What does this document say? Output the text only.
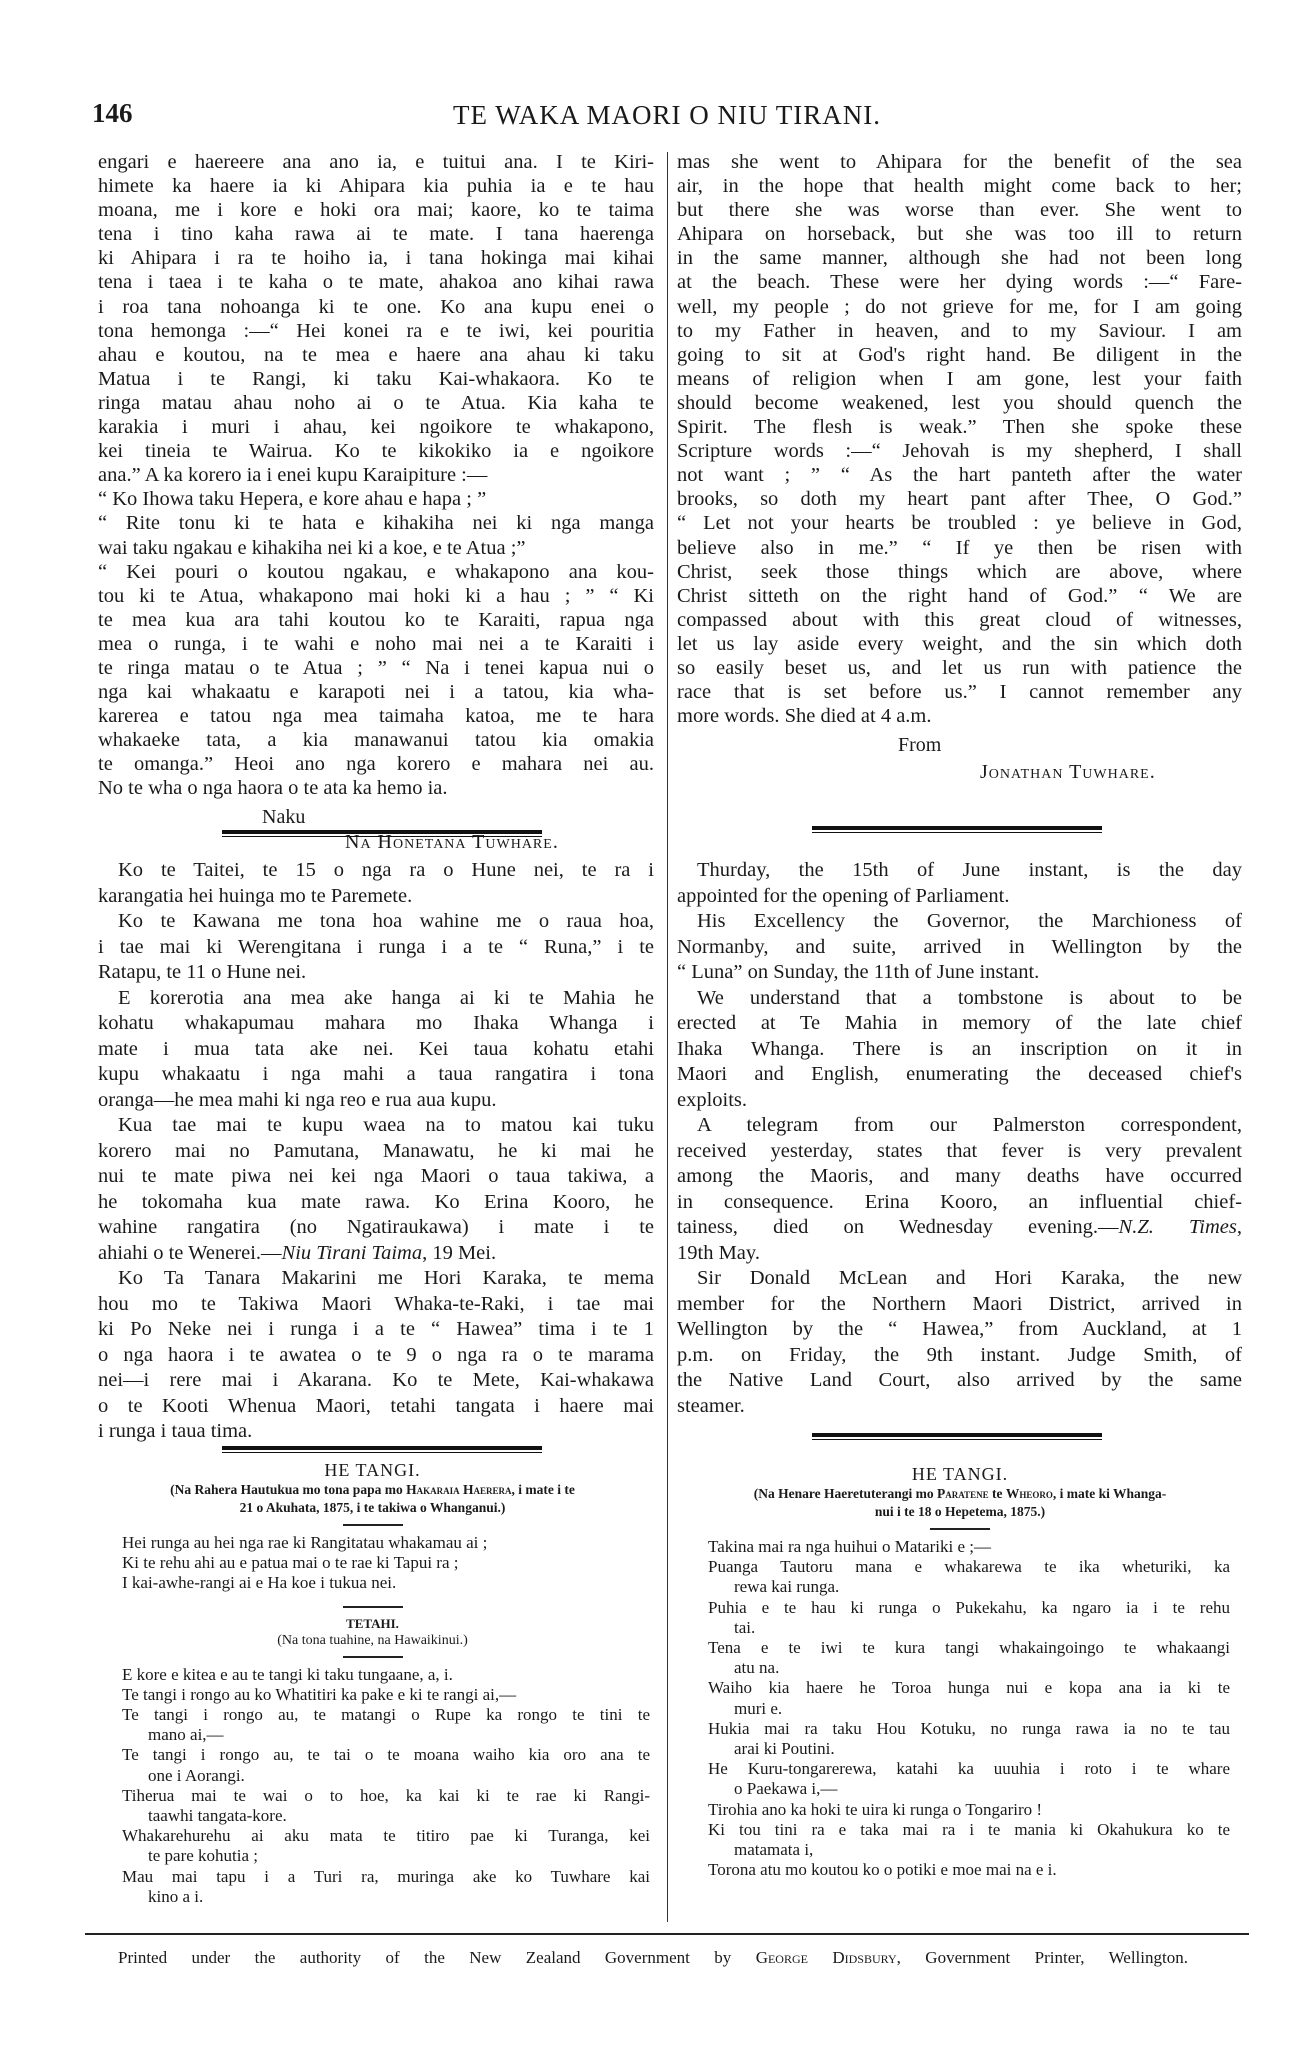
146	TE WAKA MAORI O NIU TIRANI.
engari e haereere ana ano ia, e tuitui ana. I te Kiri-
himete ka haere ia ki Ahipara kia puhia ia e te hau
moana, me i kore e hoki ora mai; kaore, ko te taima
tena i tino kaha rawa ai te mate. I tana haerenga
ki Ahipara i ra te hoiho ia, i tana hokinga mai kihai
tena i taea i te kaha o te mate, ahakoa ano kihai rawa
i roa tana nohoanga ki te one. Ko ana kupu enei o
tona hemonga :—“ Hei konei ra e te iwi, kei pouritia
ahau e koutou, na te mea e haere ana ahau ki taku
Matua i te Rangi, ki taku Kai-whakaora. Ko te
ringa matau ahau noho ai o te Atua. Kia kaha te
karakia i muri i ahau, kei ngoikore te whakapono,
kei tineia te Wairua. Ko te kikokiko ia e ngoikore
ana.” A ka korero ia i enei kupu Karaipiture :—
“ Ko Ihowa taku Hepera, e kore ahau e hapa ; ”
“ Rite tonu ki te hata e kihakiha nei ki nga manga
wai taku ngakau e kihakiha nei ki a koe, e te Atua ;”
“ Kei pouri o koutou ngakau, e whakapono ana kou-
tou ki te Atua, whakapono mai hoki ki a hau ; ” “ Ki
te mea kua ara tahi koutou ko te Karaiti, rapua nga
mea o runga, i te wahi e noho mai nei a te Karaiti i
te ringa matau o te Atua ; ” “ Na i tenei kapua nui o
nga kai whakaatu e karapoti nei i a tatou, kia wha-
karerea e tatou nga mea taimaha katoa, me te hara
whakaeke tata, a kia manawanui tatou kia omakia
te omanga.” Heoi ano nga korero e mahara nei au.
No te wha o nga haora o te ata ka hemo ia.
Naku
Na Honetana Tuwhare.
mas she went to Ahipara for the benefit of the sea
air, in the hope that health might come back to her;
but there she was worse than ever. She went to
Ahipara on horseback, but she was too ill to return
in the same manner, although she had not been long
at the beach. These were her dying words :—“ Fare-
well, my people ; do not grieve for me, for I am going
to my Father in heaven, and to my Saviour. I am
going to sit at God's right hand. Be diligent in the
means of religion when I am gone, lest your faith
should become weakened, lest you should quench the
Spirit. The flesh is weak.” Then she spoke these
Scripture words :—“ Jehovah is my shepherd, I shall
not want ; ” “ As the hart panteth after the water
brooks, so doth my heart pant after Thee, O God.”
“ Let not your hearts be troubled : ye believe in God,
believe also in me.” “ If ye then be risen with
Christ, seek those things which are above, where
Christ sitteth on the right hand of God.” “ We are
compassed about with this great cloud of witnesses,
let us lay aside every weight, and the sin which doth
so easily beset us, and let us run with patience the
race that is set before us.” I cannot remember any
more words. She died at 4 a.m.
From
Jonathan Tuwhare.
Ko te Taitei, te 15 o nga ra o Hune nei, te ra i
karangatia hei huinga mo te Paremete.
Ko te Kawana me tona hoa wahine me o raua hoa,
i tae mai ki Werengitana i runga i a te “ Runa,” i te
Ratapu, te 11 o Hune nei.
E korerotia ana mea ake hanga ai ki te Mahia he
kohatu whakapumau mahara mo Ihaka Whanga i
mate i mua tata ake nei. Kei taua kohatu etahi
kupu whakaatu i nga mahi a taua rangatira i tona
oranga—he mea mahi ki nga reo e rua aua kupu.
Kua tae mai te kupu waea na to matou kai tuku
korero mai no Pamutana, Manawatu, he ki mai he
nui te mate piwa nei kei nga Maori o taua takiwa, a
he tokomaha kua mate rawa. Ko Erina Kooro, he
wahine rangatira (no Ngatiraukawa) i mate i te
ahiahi o te Wenerei.—Niu Tirani Taima, 19 Mei.
Ko Ta Tanara Makarini me Hori Karaka, te mema
hou mo te Takiwa Maori Whaka-te-Raki, i tae mai
ki Po Neke nei i runga i a te “ Hawea” tima i te 1
o nga haora i te awatea o te 9 o nga ra o te marama
nei—i rere mai i Akarana. Ko te Mete, Kai-whakawa
o te Kooti Whenua Maori, tetahi tangata i haere mai
i runga i taua tima.
Thurday, the 15th of June instant, is the day
appointed for the opening of Parliament.
His Excellency the Governor, the Marchioness of
Normanby, and suite, arrived in Wellington by the
“ Luna” on Sunday, the 11th of June instant.
We understand that a tombstone is about to be
erected at Te Mahia in memory of the late chief
Ihaka Whanga. There is an inscription on it in
Maori and English, enumerating the deceased chief's
exploits.
A telegram from our Palmerston correspondent,
received yesterday, states that fever is very prevalent
among the Maoris, and many deaths have occurred
in consequence. Erina Kooro, an influential chief-
tainess, died on Wednesday evening.—N.Z. Times,
19th May.
Sir Donald McLean and Hori Karaka, the new
member for the Northern Maori District, arrived in
Wellington by the “ Hawea,” from Auckland, at 1
p.m. on Friday, the 9th instant. Judge Smith, of
the Native Land Court, also arrived by the same
steamer.
HE TANGI.
(Na Rahera Hautukua mo tona papa mo Hakaraia Haerera, i mate i te
21 o Akuhata, 1875, i te takiwa o Whanganui.)
Hei runga au hei nga rae ki Rangitatau whakamau ai ;
Ki te rehu ahi au e patua mai o te rae ki Tapui ra ;
I kai-awhe-rangi ai e Ha koe i tukua nei.
TETAHI.
(Na tona tuahine, na Hawaikinui.)
E kore e kitea e au te tangi ki taku tungaane, a, i.
Te tangi i rongo au ko Whatitiri ka pake e ki te rangi ai,—
Te tangi i rongo au, te matangi o Rupe ka rongo te tini te
mano ai,—
Te tangi i rongo au, te tai o te moana waiho kia oro ana te
one i Aorangi.
Tiherua mai te wai o to hoe, ka kai ki te rae ki Rangi-
taawhi tangata-kore.
Whakarehurehu ai aku mata te titiro pae ki Turanga, kei
te pare kohutia ;
Mau mai tapu i a Turi ra, muringa ake ko Tuwhare kai
kino a i.
HE TANGI.
(Na Henare Haeretuterangi mo Paratene te Wheoro, i mate ki Whanga-
nui i te 18 o Hepetema, 1875.)
Takina mai ra nga huihui o Matariki e ;—
Puanga Tautoru mana e whakarewa te ika wheturiki, ka
rewa kai runga.
Puhia e te hau ki runga o Pukekahu, ka ngaro ia i te rehu
tai.
Tena e te iwi te kura tangi whakaingoingo te whakaangi
atu na.
Waiho kia haere he Toroa hunga nui e kopa ana ia ki te
muri e.
Hukia mai ra taku Hou Kotuku, no runga rawa ia no te tau
arai ki Poutini.
He Kuru-tongarerewa, katahi ka uuuhia i roto i te whare
o Paekawa i,—
Tirohia ano ka hoki te uira ki runga o Tongariro !
Ki tou tini ra e taka mai ra i te mania ki Okahukura ko te
matamata i,
Torona atu mo koutou ko o potiki e moe mai na e i.
Printed under the authority of the New Zealand Government by George Didsbury, Government Printer, Wellington.
